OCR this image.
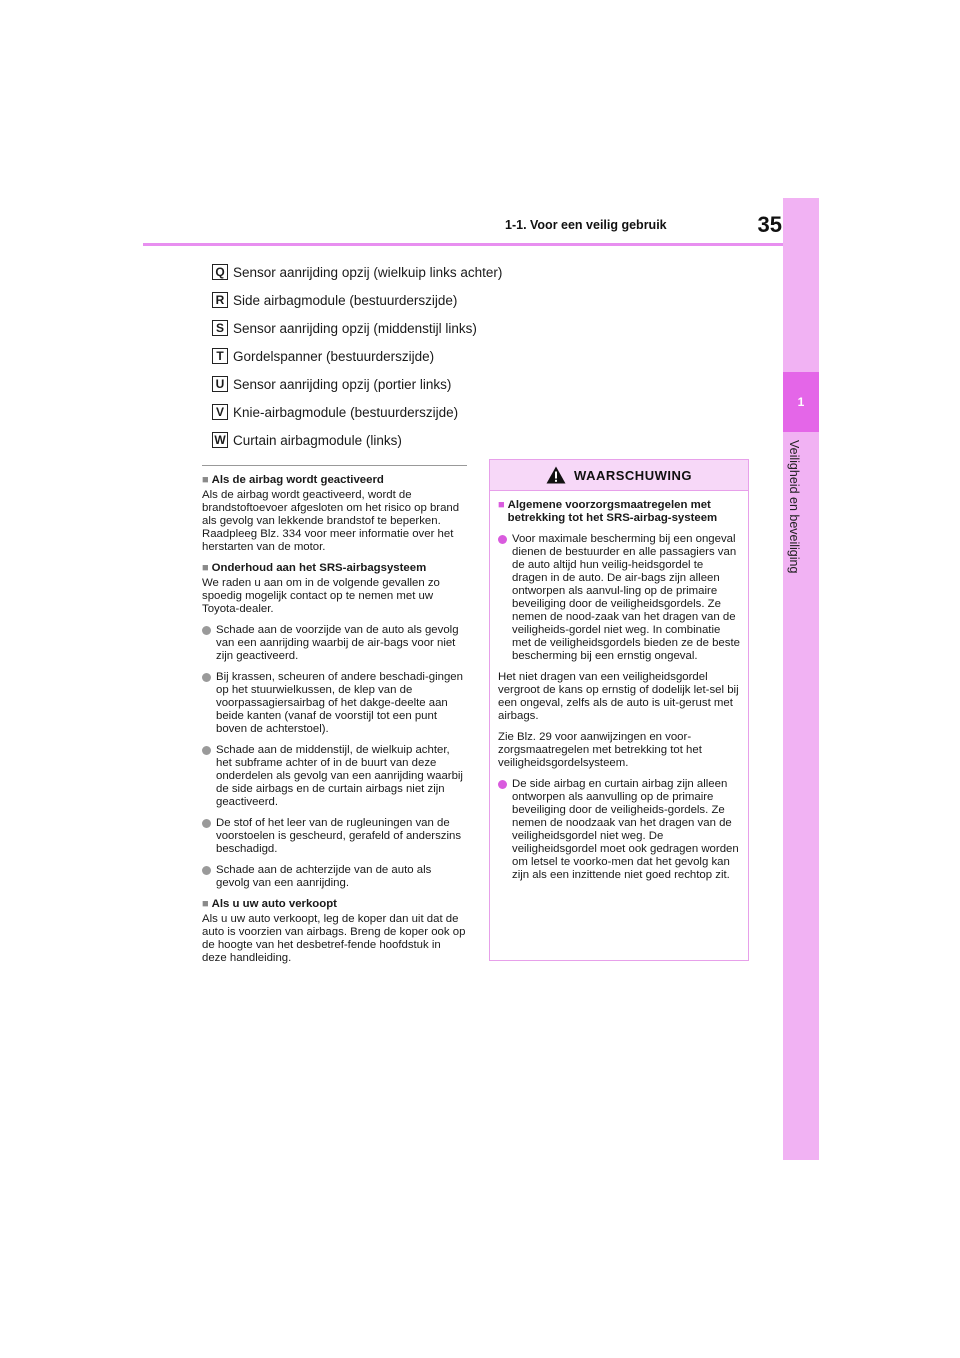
1-1. Voor een veilig gebruik	35
1
Veiligheid en beveiliging
Q Sensor aanrijding opzij (wielkuip links achter)
R Side airbagmodule (bestuurderszijde)
S Sensor aanrijding opzij (middenstijl links)
T Gordelspanner (bestuurderszijde)
U Sensor aanrijding opzij (portier links)
V Knie-airbagmodule (bestuurderszijde)
W Curtain airbagmodule (links)
■ Als de airbag wordt geactiveerd

Als de airbag wordt geactiveerd, wordt de brandstoftoevoer afgesloten om het risico op brand als gevolg van lekkende brandstof te beperken. Raadpleeg Blz. 334 voor meer informatie over het herstarten van de motor.

■ Onderhoud aan het SRS-airbagsysteem

We raden u aan om in de volgende gevallen zo spoedig mogelijk contact op te nemen met uw Toyota-dealer.

Schade aan de voorzijde van de auto als gevolg van een aanrijding waarbij de air-bags voor niet zijn geactiveerd.
Bij krassen, scheuren of andere beschadi-gingen op het stuurwielkussen, de klep van de voorpassagiersairbag of het dakge-deelte aan beide kanten (vanaf de voorstijl tot een punt boven de achterstoel).
Schade aan de middenstijl, de wielkuip achter, het subframe achter of in de buurt van deze onderdelen als gevolg van een aanrijding waarbij de side airbags en de curtain airbags niet zijn geactiveerd.
De stof of het leer van de rugleuningen van de voorstoelen is gescheurd, gerafeld of anderszins beschadigd.
Schade aan de achterzijde van de auto als gevolg van een aanrijding.
■ Als u uw auto verkoopt

Als u uw auto verkoopt, leg de koper dan uit dat de auto is voorzien van airbags. Breng de koper ook op de hoogte van het desbetref-fende hoofdstuk in deze handleiding.

WAARSCHUWING
■ Algemene voorzorgsmaatregelen met betrekking tot het SRS-airbag-systeem
Voor maximale bescherming bij een ongeval dienen de bestuurder en alle passagiers van de auto altijd hun veilig-heidsgordel te dragen in de auto. De air-bags zijn alleen ontworpen als aanvul-ling op de primaire beveiliging door de veiligheidsgordels. Ze nemen de nood-zaak van het dragen van de veiligheids-gordel niet weg. In combinatie met de veiligheidsgordels bieden ze de beste bescherming bij een ernstig ongeval.

Het niet dragen van een veiligheidsgordel vergroot de kans op ernstig of dodelijk let-sel bij een ongeval, zelfs als de auto is uit-gerust met airbags.

Zie Blz. 29 voor aanwijzingen en voor-zorgsmaatregelen met betrekking tot het veiligheidsgordelsysteem.

De side airbag en curtain airbag zijn alleen ontworpen als aanvulling op de primaire beveiliging door de veiligheids-gordels. Ze nemen de noodzaak van het dragen van de veiligheidsgordel niet weg. De veiligheidsgordel moet ook gedragen worden om letsel te voorko-men dat het gevolg kan zijn als een inzittende niet goed rechtop zit.
